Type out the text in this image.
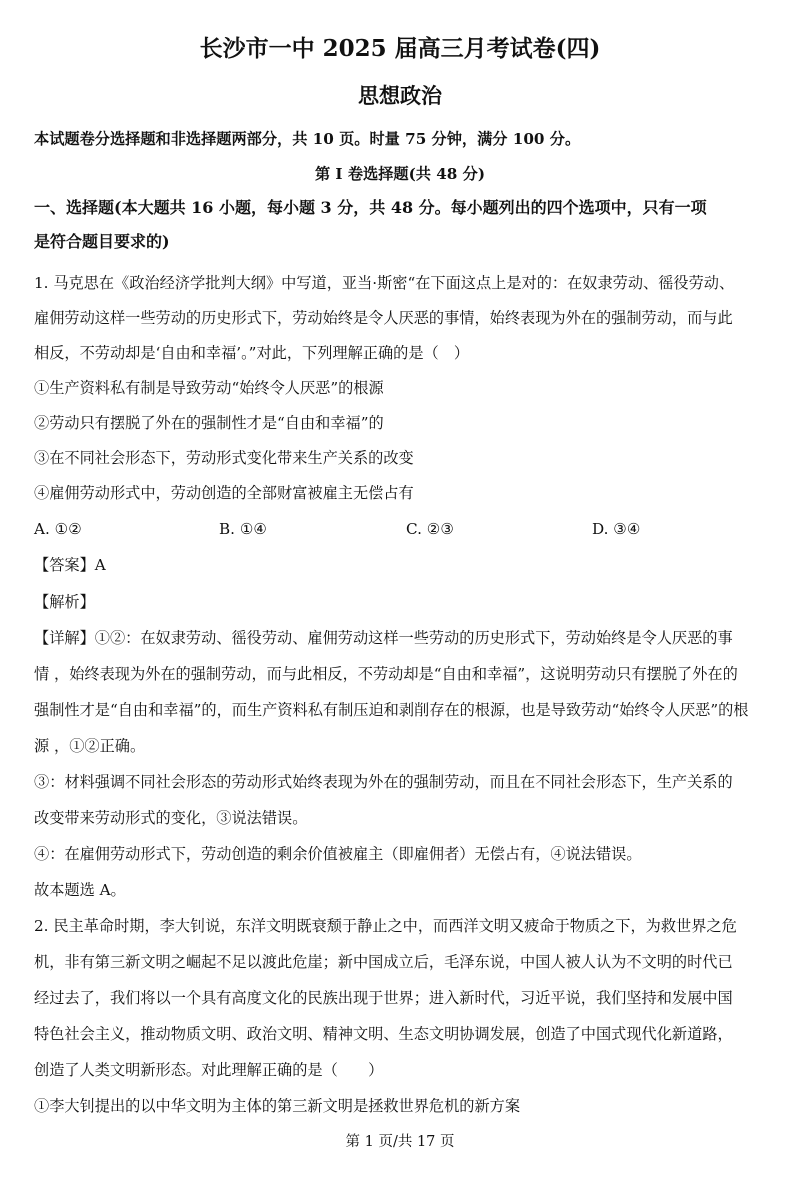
长沙市一中 2025 届高三月考试卷(四)
思想政治
本试题卷分选择题和非选择题两部分，共 10 页。时量 75 分钟，满分 100 分。
第 I 卷选择题(共 48 分)
一、选择题(本大题共 16 小题，每小题 3 分，共 48 分。每小题列出的四个选项中，只有一项
是符合题目要求的)
1. 马克思在《政治经济学批判大纲》中写道，亚当·斯密“在下面这点上是对的：在奴隶劳动、徭役劳动、
雇佣劳动这样一些劳动的历史形式下，劳动始终是令人厌恶的事情，始终表现为外在的强制劳动，而与此
相反，不劳动却是‘自由和幸福’。”对此，下列理解正确的是（　）
①生产资料私有制是导致劳动“始终令人厌恶”的根源
②劳动只有摆脱了外在的强制性才是“自由和幸福”的
③在不同社会形态下，劳动形式变化带来生产关系的改变
④雇佣劳动形式中，劳动创造的全部财富被雇主无偿占有
A. ①②	B. ①④	C. ②③	D. ③④
【答案】A
【解析】
【详解】①②：在奴隶劳动、徭役劳动、雇佣劳动这样一些劳动的历史形式下，劳动始终是令人厌恶的事
情 ，始终表现为外在的强制劳动，而与此相反，不劳动却是“自由和幸福”，这说明劳动只有摆脱了外在的
强制性才是“自由和幸福”的，而生产资料私有制压迫和剥削存在的根源，也是导致劳动“始终令人厌恶”的根
源 ，①②正确。
③：材料强调不同社会形态的劳动形式始终表现为外在的强制劳动，而且在不同社会形态下，生产关系的
改变带来劳动形式的变化，③说法错误。
④：在雇佣劳动形式下，劳动创造的剩余价值被雇主（即雇佣者）无偿占有，④说法错误。
故本题选 A。
2. 民主革命时期，李大钊说，东洋文明既衰颓于静止之中，而西洋文明又疲命于物质之下，为救世界之危
机，非有第三新文明之崛起不足以渡此危崖；新中国成立后，毛泽东说，中国人被人认为不文明的时代已
经过去了，我们将以一个具有高度文化的民族出现于世界；进入新时代，习近平说，我们坚持和发展中国
特色社会主义，推动物质文明、政治文明、精神文明、生态文明协调发展，创造了中国式现代化新道路，
创造了人类文明新形态。对此理解正确的是（　　）
①李大钊提出的以中华文明为主体的第三新文明是拯救世界危机的新方案
第 1 页/共 17 页
